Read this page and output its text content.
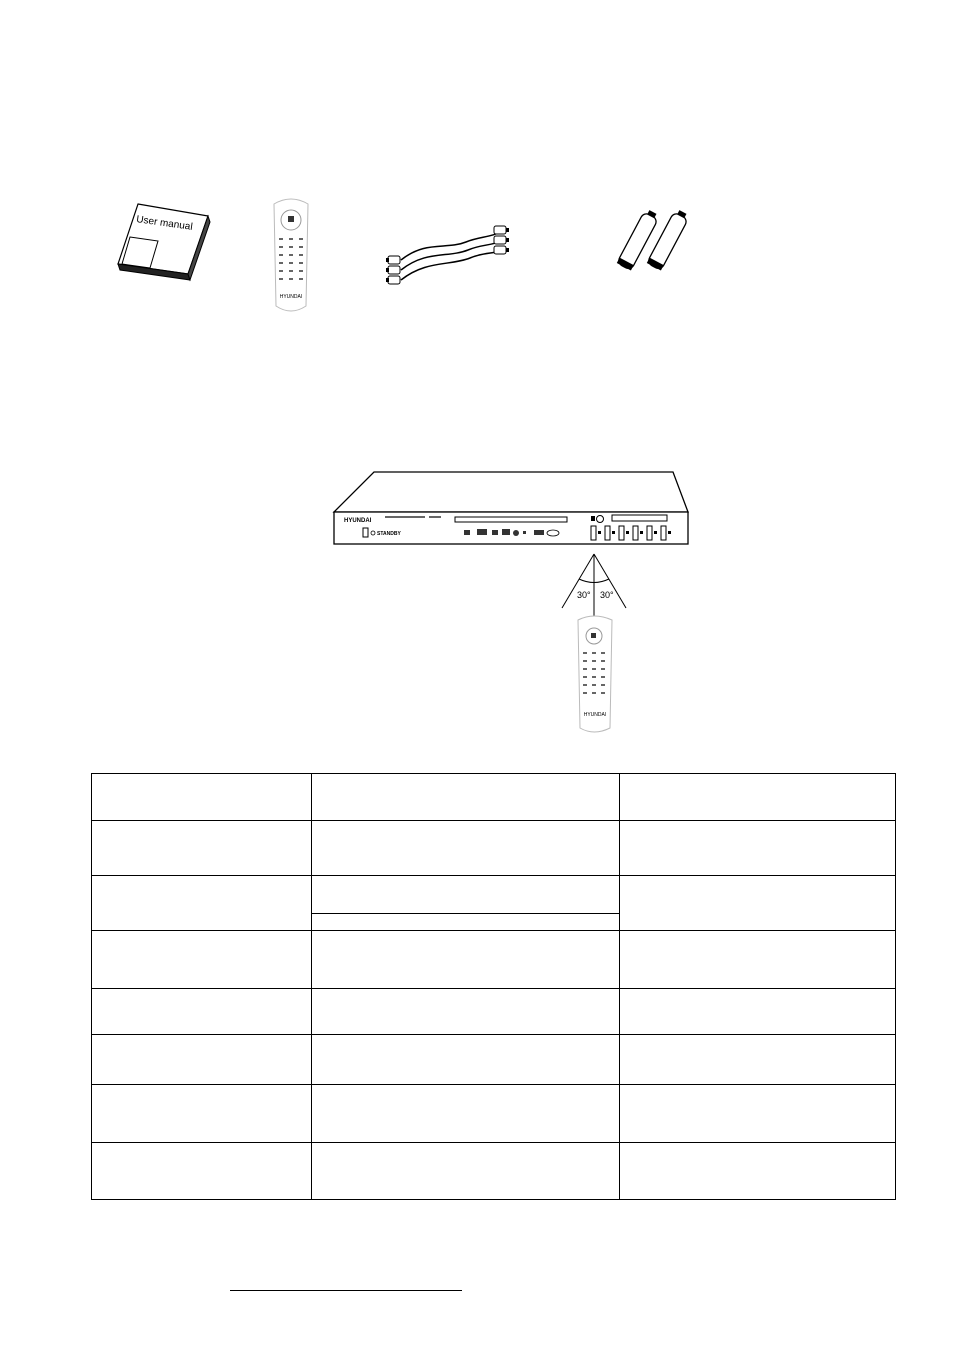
User manual
HYUNDAI
STANDBY
HYUNDAI
30° 30°
HYUNDAI
